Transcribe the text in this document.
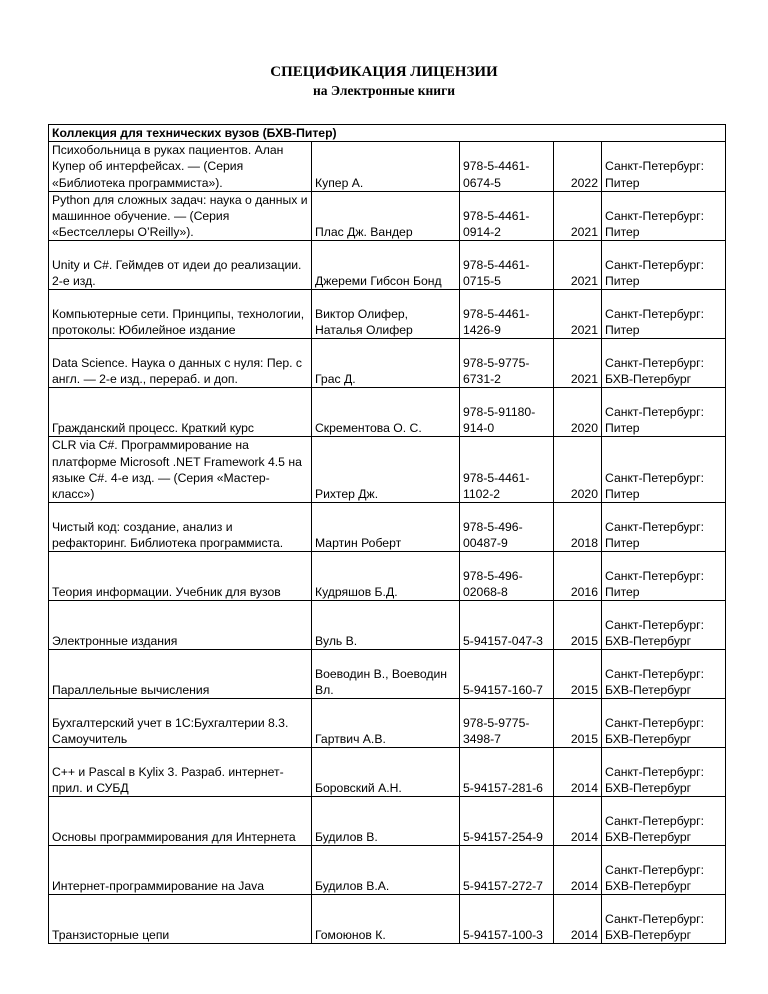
СПЕЦИФИКАЦИЯ ЛИЦЕНЗИИ
на Электронные книги
Коллекция для технических вузов (БХВ-Питер)				
Психобольница в руках пациентов. Алан Купер об интерфейсах. — (Серия «Библиотека программиста»).	Купер А.	978-5-4461-0674-5	2022	Санкт-Петербург: Питер
Python для сложных задач: наука о данных и машинное обучение. — (Серия «Бестселлеры O’Reilly»).	Плас Дж. Вандер	978-5-4461-0914-2	2021	Санкт-Петербург: Питер
Unity и C#. Геймдев от идеи до реализации. 2-е изд.	Джереми Гибсон Бонд	978-5-4461-0715-5	2021	Санкт-Петербург: Питер
Компьютерные сети. Принципы, технологии, протоколы: Юбилейное издание	Виктор Олифер, Наталья Олифер	978-5-4461-1426-9	2021	Санкт-Петербург: Питер
Data Science. Наука о данных с нуля: Пер. с англ. — 2-е изд., перераб. и доп.	Грас Д.	978-5-9775-6731-2	2021	Санкт-Петербург: БХВ-Петербург
Гражданский процесс. Краткий курс	Скрементова О. С.	978-5-91180-914-0	2020	Санкт-Петербург: Питер
CLR via C#. Программирование на платформе Microsoft .NET Framework 4.5 на языке C#. 4-е изд. — (Серия «Мастер-класс»)	Рихтер Дж.	978-5-4461-1102-2	2020	Санкт-Петербург: Питер
Чистый код: создание, анализ и рефакторинг. Библиотека программиста.	Мартин Роберт	978-5-496-00487-9	2018	Санкт-Петербург: Питер
Теория информации. Учебник для вузов	Кудряшов Б.Д.	978-5-496-02068-8	2016	Санкт-Петербург: Питер
Электронные издания	Вуль В.	5-94157-047-3	2015	Санкт-Петербург: БХВ-Петербург
Параллельные вычисления	Воеводин В., Воеводин Вл.	5-94157-160-7	2015	Санкт-Петербург: БХВ-Петербург
Бухгалтерский учет в 1С:Бухгалтерии 8.3. Самоучитель	Гартвич А.В.	978-5-9775-3498-7	2015	Санкт-Петербург: БХВ-Петербург
C++ и Pascal в Kylix 3. Разраб. интернет-прил. и СУБД	Боровский А.Н.	5-94157-281-6	2014	Санкт-Петербург: БХВ-Петербург
Основы программирования для Интернета	Будилов В.	5-94157-254-9	2014	Санкт-Петербург: БХВ-Петербург
Интернет-программирование на Java	Будилов В.А.	5-94157-272-7	2014	Санкт-Петербург: БХВ-Петербург
Транзисторные цепи	Гомоюнов К.	5-94157-100-3	2014	Санкт-Петербург: БХВ-Петербург
